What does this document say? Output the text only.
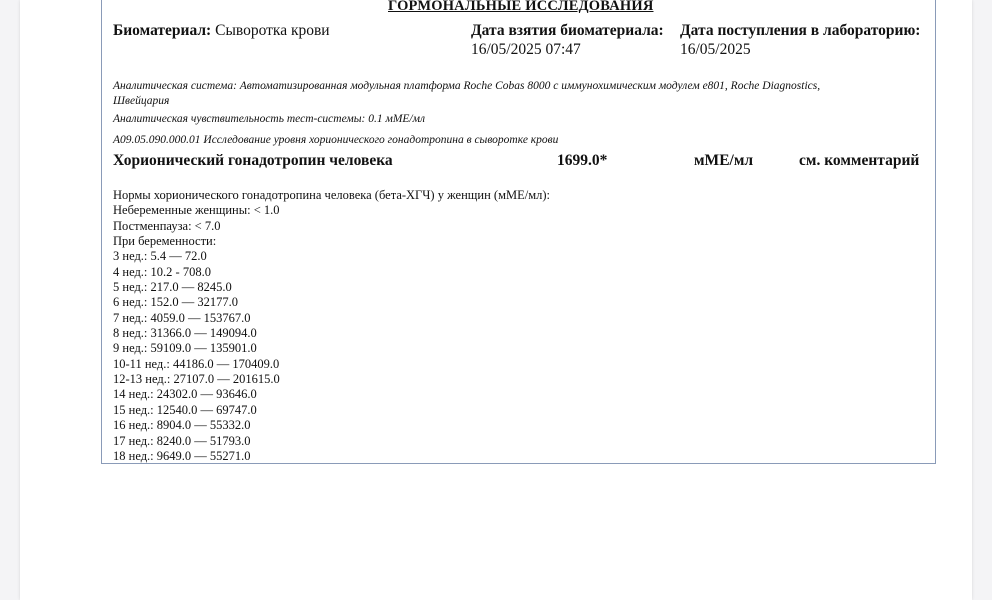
ГОРМОНАЛЬНЫЕ ИССЛЕДОВАНИЯ
Биоматериал: Сыворотка крови	Дата взятия биоматериала:
16/05/2025 07:47
Дата поступления в лабораторию:
16/05/2025
Аналитическая система: Автоматизированная модульная платформа Roche Cobas 8000 с иммунохимическим модулем e801, Roche Diagnostics,
Швейцария
Аналитическая чувствительность тест-системы: 0.1 мМЕ/мл
A09.05.090.000.01 Исследование уровня хорионического гонадотропина в сыворотке крови
Хорионический гонадотропин человека	1699.0*	мМЕ/мл	см. комментарий
Нормы хорионического гонадотропина человека (бета-ХГЧ) у женщин (мМЕ/мл):
Небеременные женщины: < 1.0
Постменпауза: < 7.0
При беременности:
3 нед.: 5.4 — 72.0
4 нед.: 10.2 - 708.0
5 нед.: 217.0 — 8245.0
6 нед.: 152.0 — 32177.0
7 нед.: 4059.0 — 153767.0
8 нед.: 31366.0 — 149094.0
9 нед.: 59109.0 — 135901.0
10-11 нед.: 44186.0 — 170409.0
12-13 нед.: 27107.0 — 201615.0
14 нед.: 24302.0 — 93646.0
15 нед.: 12540.0 — 69747.0
16 нед.: 8904.0 — 55332.0
17 нед.: 8240.0 — 51793.0
18 нед.: 9649.0 — 55271.0
